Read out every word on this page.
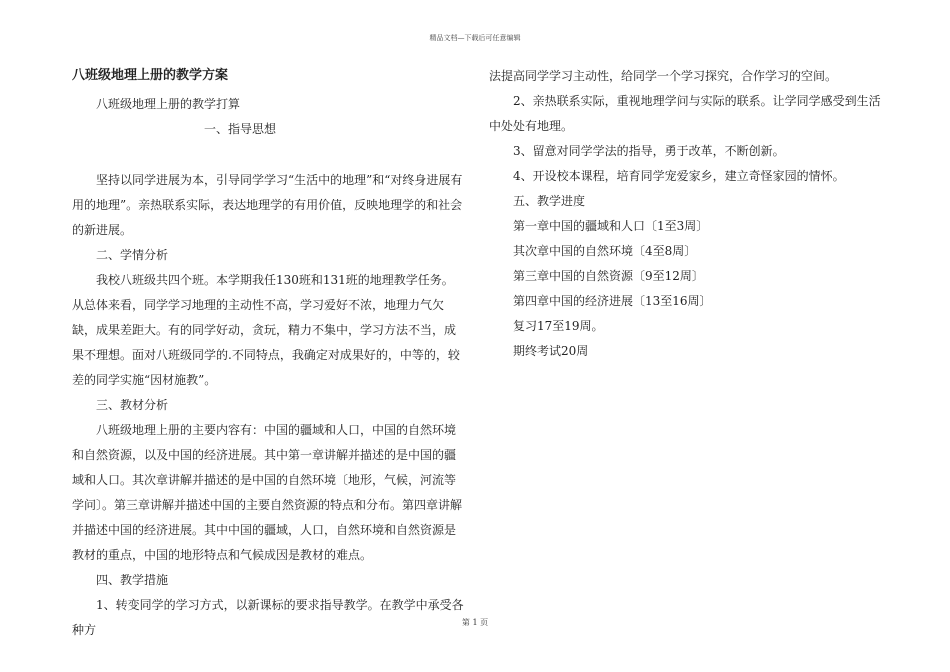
精品文档—下载后可任意编辑

八班级地理上册的教学方案

八班级地理上册的教学打算

一、指导思想

坚持以同学进展为本，引导同学学习“生活中的地理”和“对终身进展有用的地理”。亲热联系实际，表达地理学的有用价值，反映地理学的和社会的新进展。

二、学情分析

我校八班级共四个班。本学期我任130班和131班的地理教学任务。从总体来看，同学学习地理的主动性不高，学习爱好不浓，地理力气欠缺，成果差距大。有的同学好动，贪玩，精力不集中，学习方法不当，成果不理想。面对八班级同学的.不同特点，我确定对成果好的，中等的，较差的同学实施“因材施教”。

三、教材分析

八班级地理上册的主要内容有：中国的疆域和人口，中国的自然环境和自然资源，以及中国的经济进展。其中第一章讲解并描述的是中国的疆域和人口。其次章讲解并描述的是中国的自然环境〔地形，气候，河流等学问〕。第三章讲解并描述中国的主要自然资源的特点和分布。第四章讲解并描述中国的经济进展。其中中国的疆域，人口，自然环境和自然资源是教材的重点，中国的地形特点和气候成因是教材的难点。

四、教学措施

1、转变同学的学习方式，以新课标的要求指导教学。在教学中承受各种方

法提高同学学习主动性，给同学一个学习探究，合作学习的空间。

2、亲热联系实际，重视地理学问与实际的联系。让学同学感受到生活中处处有地理。

3、留意对同学学法的指导，勇于改革，不断创新。

4、开设校本课程，培育同学宠爱家乡，建立奇怪家园的情怀。

五、教学进度

第一章中国的疆域和人口〔1至3周〕

其次章中国的自然环境〔4至8周〕

第三章中国的自然资源〔9至12周〕

第四章中国的经济进展〔13至16周〕

复习17至19周。

期终考试20周

第 1 页
